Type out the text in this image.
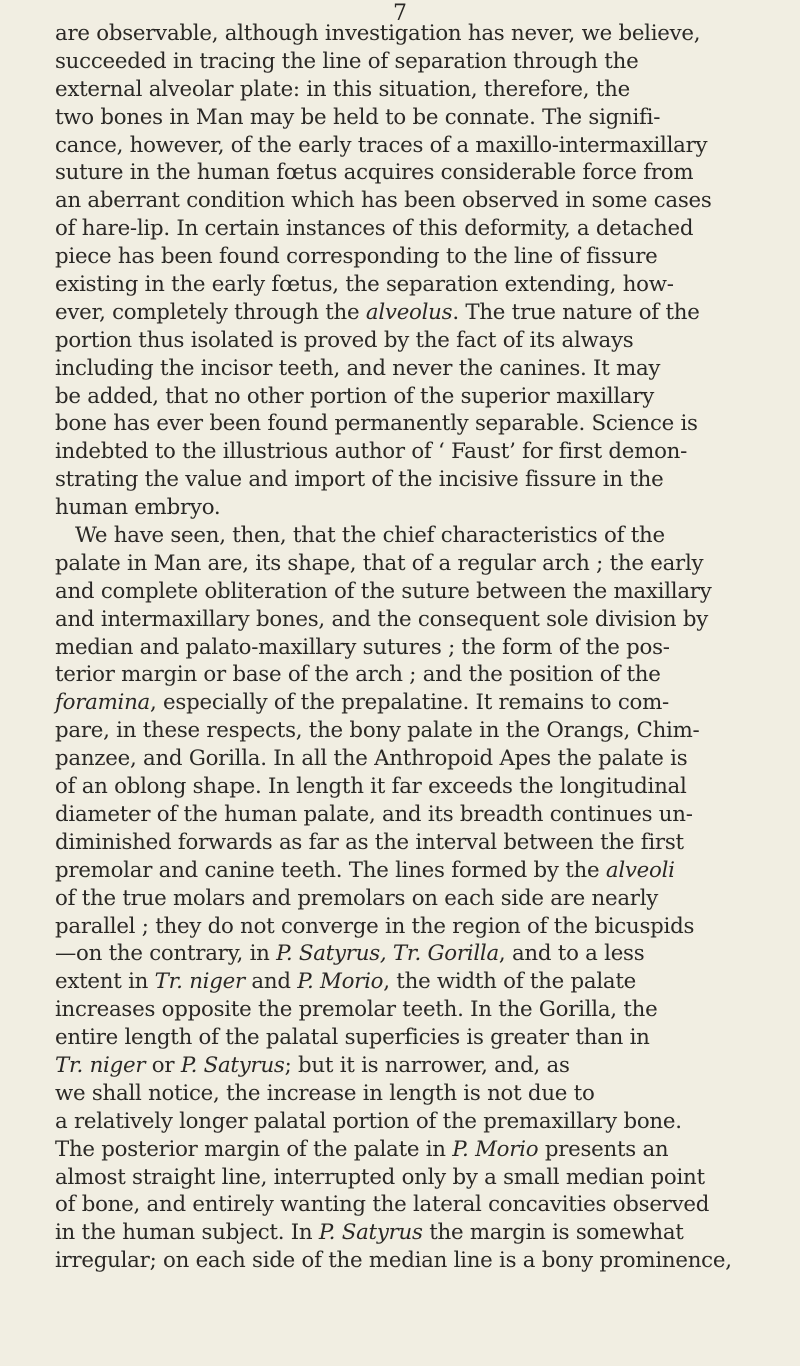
7
are observable, although investigation has never, we believe,
succeeded in tracing the line of separation through the
external alveolar plate: in this situation, therefore, the
two bones in Man may be held to be connate. The signifi-
cance, however, of the early traces of a maxillo-intermaxillary
suture in the human fœtus acquires considerable force from
an aberrant condition which has been observed in some cases
of hare-lip. In certain instances of this deformity, a detached
piece has been found corresponding to the line of fissure
existing in the early fœtus, the separation extending, how-
ever, completely through the alveolus. The true nature of the
portion thus isolated is proved by the fact of its always
including the incisor teeth, and never the canines. It may
be added, that no other portion of the superior maxillary
bone has ever been found permanently separable. Science is
indebted to the illustrious author of ‘ Faust’ for first demon-
strating the value and import of the incisive fissure in the
human embryo.
We have seen, then, that the chief characteristics of the
palate in Man are, its shape, that of a regular arch ; the early
and complete obliteration of the suture between the maxillary
and intermaxillary bones, and the consequent sole division by
median and palato-maxillary sutures ; the form of the pos-
terior margin or base of the arch ; and the position of the
foramina, especially of the prepalatine. It remains to com-
pare, in these respects, the bony palate in the Orangs, Chim-
panzee, and Gorilla. In all the Anthropoid Apes the palate is
of an oblong shape. In length it far exceeds the longitudinal
diameter of the human palate, and its breadth continues un-
diminished forwards as far as the interval between the first
premolar and canine teeth. The lines formed by the alveoli
of the true molars and premolars on each side are nearly
parallel ; they do not converge in the region of the bicuspids
—on the contrary, in P. Satyrus, Tr. Gorilla, and to a less
extent in Tr. niger and P. Morio, the width of the palate
increases opposite the premolar teeth. In the Gorilla, the
entire length of the palatal superficies is greater than in
Tr. niger or P. Satyrus; but it is narrower, and, as
we shall notice, the increase in length is not due to
a relatively longer palatal portion of the premaxillary bone.
The posterior margin of the palate in P. Morio presents an
almost straight line, interrupted only by a small median point
of bone, and entirely wanting the lateral concavities observed
in the human subject. In P. Satyrus the margin is somewhat
irregular; on each side of the median line is a bony prominence,
